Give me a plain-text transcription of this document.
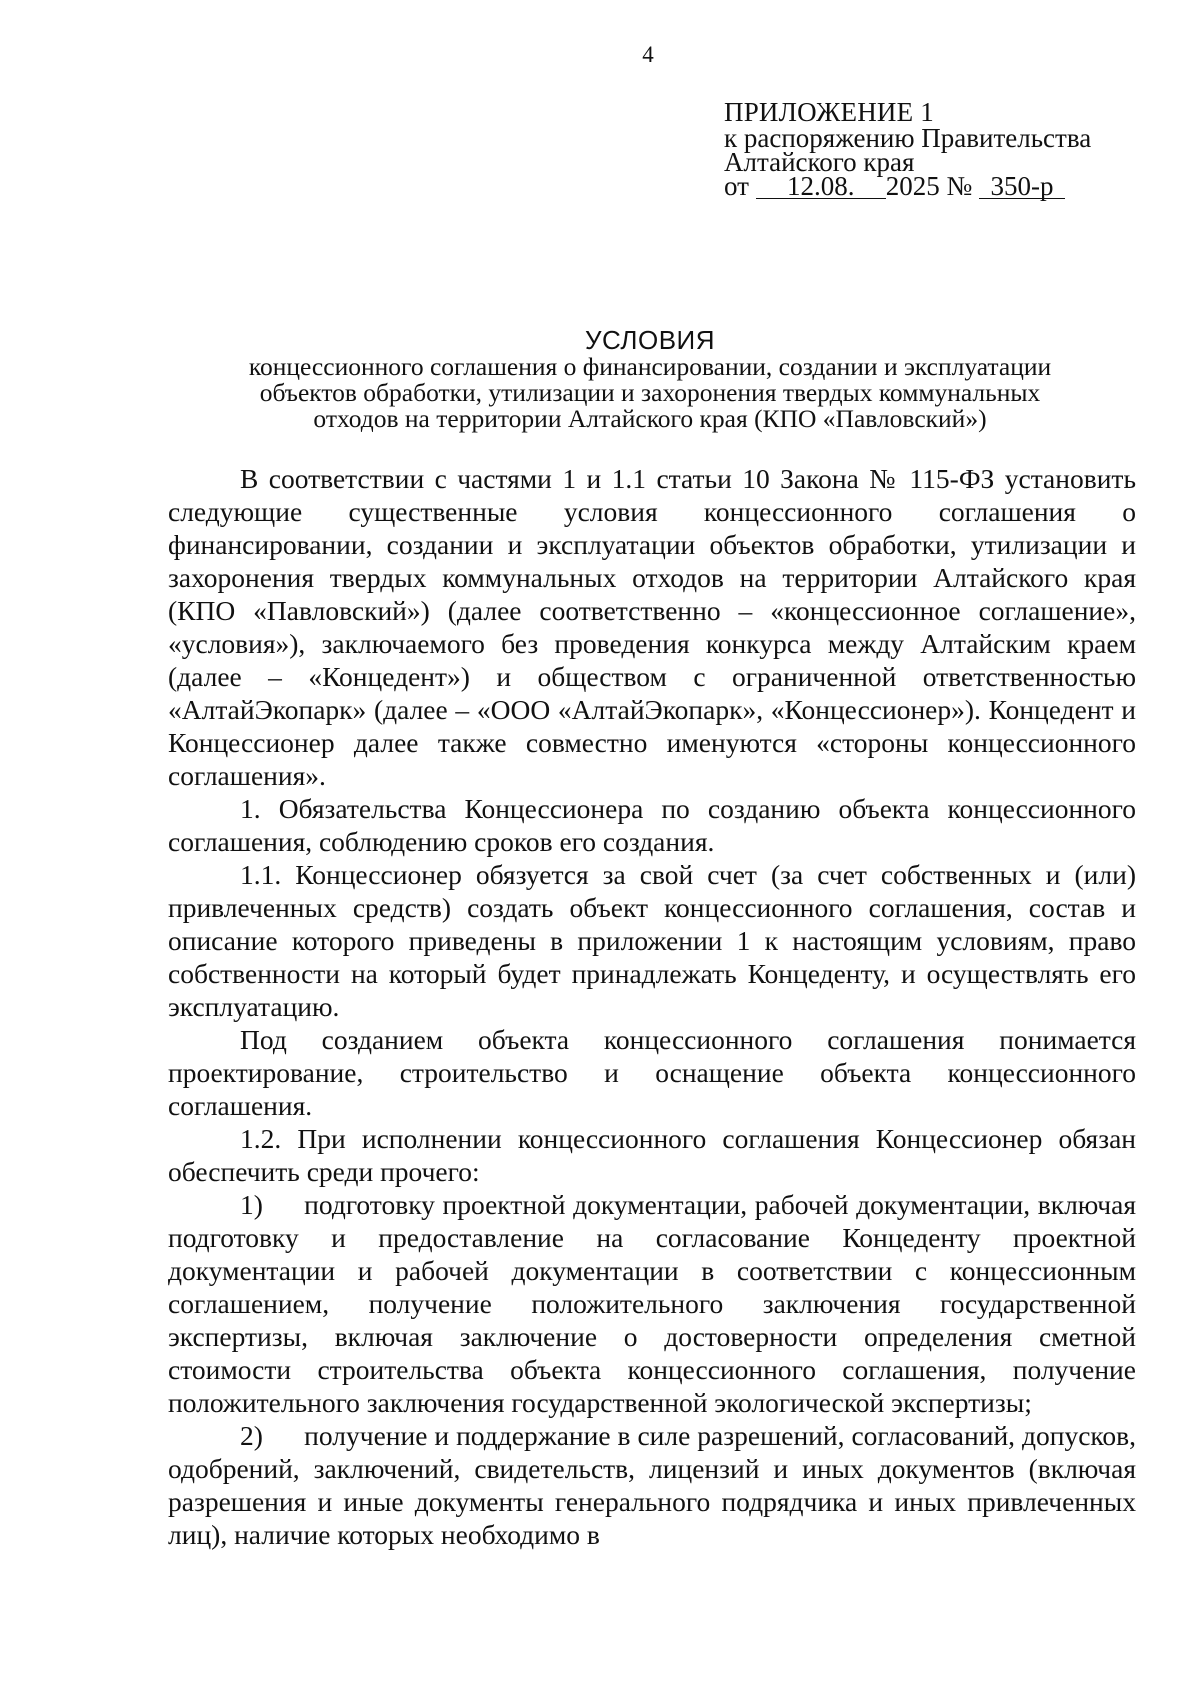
4
ПРИЛОЖЕНИЕ 1
к распоряжению Правительства
Алтайского края
от 12.08. 2025 № 350-р
УСЛОВИЯ
концессионного соглашения о финансировании, создании и эксплуатации
объектов обработки, утилизации и захоронения твердых коммунальных
отходов на территории Алтайского края (КПО «Павловский»)

В соответствии с частями 1 и 1.1 статьи 10 Закона № 115-ФЗ установить следующие существенные условия концессионного соглашения о финансировании, создании и эксплуатации объектов обработки, утилизации и захоронения твердых коммунальных отходов на территории Алтайского края (КПО «Павловский») (далее соответственно – «концессионное соглашение», «условия»), заключаемого без проведения конкурса между Алтайским краем (далее – «Концедент») и обществом с ограниченной ответственностью «АлтайЭкопарк» (далее – «ООО «АлтайЭкопарк», «Концессионер»). Концедент и Концессионер далее также совместно именуются «стороны концессионного соглашения».

1. Обязательства Концессионера по созданию объекта концессионного соглашения, соблюдению сроков его создания.

1.1. Концессионер обязуется за свой счет (за счет собственных и (или) привлеченных средств) создать объект концессионного соглашения, состав и описание которого приведены в приложении 1 к настоящим условиям, право собственности на который будет принадлежать Концеденту, и осуществлять его эксплуатацию.

Под созданием объекта концессионного соглашения понимается проектирование, строительство и оснащение объекта концессионного соглашения.

1.2. При исполнении концессионного соглашения Концессионер обязан обеспечить среди прочего:

1)  подготовку проектной документации, рабочей документации, включая подготовку и предоставление на согласование Концеденту проектной документации и рабочей документации в соответствии с концессионным соглашением, получение положительного заключения государственной экспертизы, включая заключение о достоверности определения сметной стоимости строительства объекта концессионного соглашения, получение положительного заключения государственной экологической экспертизы;

2)  получение и поддержание в силе разрешений, согласований, допусков, одобрений, заключений, свидетельств, лицензий и иных документов (включая разрешения и иные документы генерального подрядчика и иных привлеченных лиц), наличие которых необходимо в
